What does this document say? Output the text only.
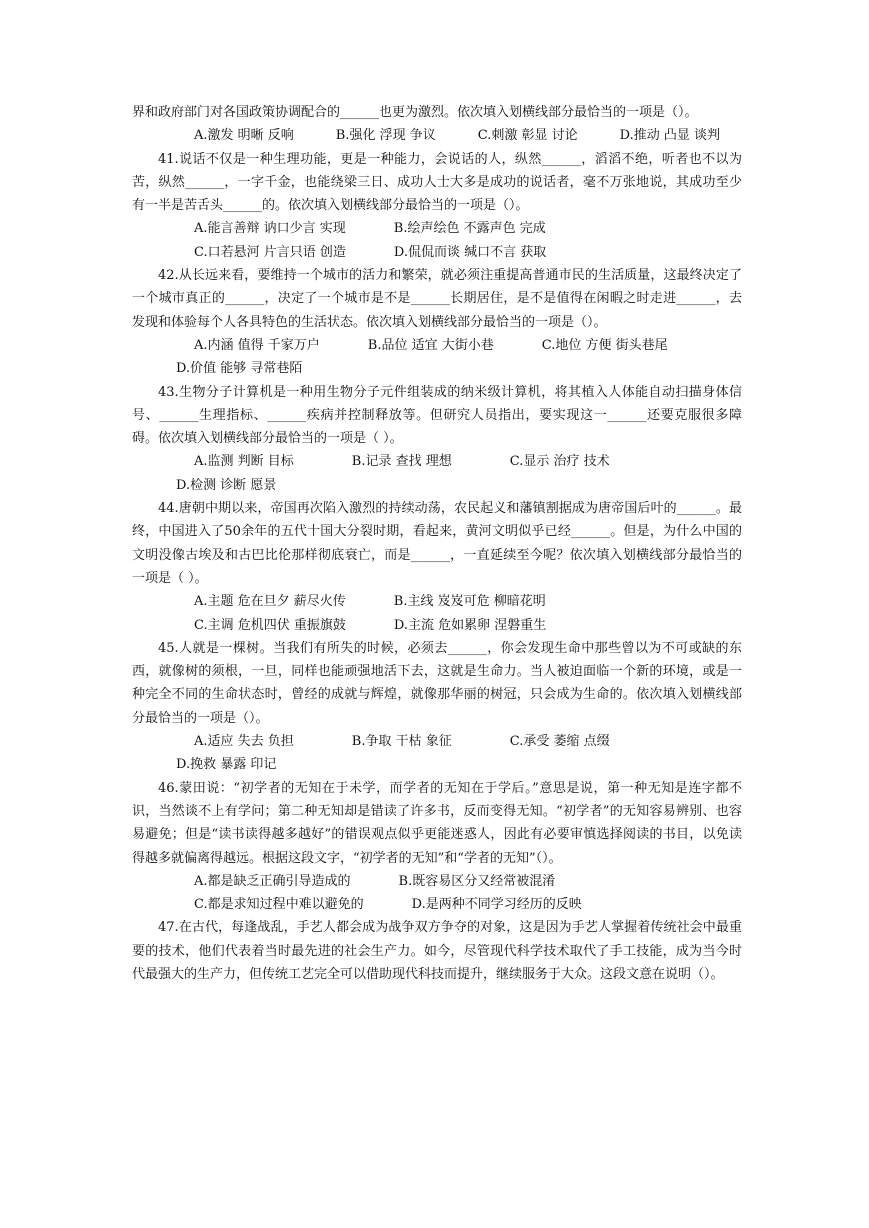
界和政府部门对各国政策协调配合的______也更为激烈。依次填入划横线部分最恰当的一项是（）。

A.激发 明晰 反响	B.强化 浮现 争议	C.刺激 彰显 讨论	D.推动 凸显 谈判

41.说话不仅是一种生理功能，更是一种能力，会说话的人，纵然______，滔滔不绝，听者也不以为苦，纵然______，一字千金，也能绕梁三日、成功人士大多是成功的说话者，毫不万张地说，其成功至少有一半是苦舌头______的。依次填入划横线部分最恰当的一项是（）。

A.能言善辩 讷口少言 实现	B.绘声绘色 不露声色 完成

C.口若悬河 片言只语 创造	D.侃侃而谈 缄口不言 获取

42.从长远来看，要维持一个城市的活力和繁荣，就必须注重提高普通市民的生活质量，这最终决定了一个城市真正的______，决定了一个城市是不是______长期居住，是不是值得在闲暇之时走进______，去发现和体验每个人各具特色的生活状态。依次填入划横线部分最恰当的一项是（）。

A.内涵 值得 千家万户	B.品位 适宜 大街小巷	C.地位 方便 街头巷尾D.价值 能够 寻常巷陌

43.生物分子计算机是一种用生物分子元件组装成的纳米级计算机，将其植入人体能自动扫描身体信号、______生理指标、______疾病并控制释放等。但研究人员指出，要实现这一______还要克服很多障碍。依次填入划横线部分最恰当的一项是（ ）。

A.监测 判断 目标	B.记录 查找 理想	C.显示 治疗 技术D.检测 诊断 愿景

44.唐朝中期以来，帝国再次陷入激烈的持续动荡，农民起义和藩镇割据成为唐帝国后叶的______。最终，中国进入了50余年的五代十国大分裂时期，看起来，黄河文明似乎已经______。但是，为什么中国的文明没像古埃及和古巴比伦那样彻底衰亡，而是______，一直延续至今呢？依次填入划横线部分最恰当的一项是（ ）。

A.主题 危在旦夕 薪尽火传	B.主线 岌岌可危 柳暗花明

C.主调 危机四伏 重振旗鼓	D.主流 危如累卵 涅磐重生

45.人就是一棵树。当我们有所失的时候，必须去______，你会发现生命中那些曾以为不可或缺的东西，就像树的须根，一旦，同样也能顽强地活下去，这就是生命力。当人被迫面临一个新的环境，或是一种完全不同的生命状态时，曾经的成就与辉煌，就像那华丽的树冠，只会成为生命的。依次填入划横线部分最恰当的一项是（）。

A.适应 失去 负担	B.争取 干枯 象征	C.承受 萎缩 点缀D.挽救 暴露 印记

46.蒙田说：“初学者的无知在于未学，而学者的无知在于学后。”意思是说，第一种无知是连字都不识，当然谈不上有学问；第二种无知却是错读了许多书，反而变得无知。“初学者”的无知容易辨别、也容易避免；但是“读书读得越多越好”的错误观点似乎更能迷惑人，因此有必要审慎选择阅读的书目，以免读得越多就偏离得越远。根据这段文字，“初学者的无知”和“学者的无知”（）。

A.都是缺乏正确引导造成的	B.既容易区分又经常被混淆

C.都是求知过程中难以避免的	D.是两种不同学习经历的反映

47.在古代，每逢战乱，手艺人都会成为战争双方争夺的对象，这是因为手艺人掌握着传统社会中最重要的技术，他们代表着当时最先进的社会生产力。如今，尽管现代科学技术取代了手工技能，成为当今时代最强大的生产力，但传统工艺完全可以借助现代科技而提升，继续服务于大众。这段文意在说明（）。
